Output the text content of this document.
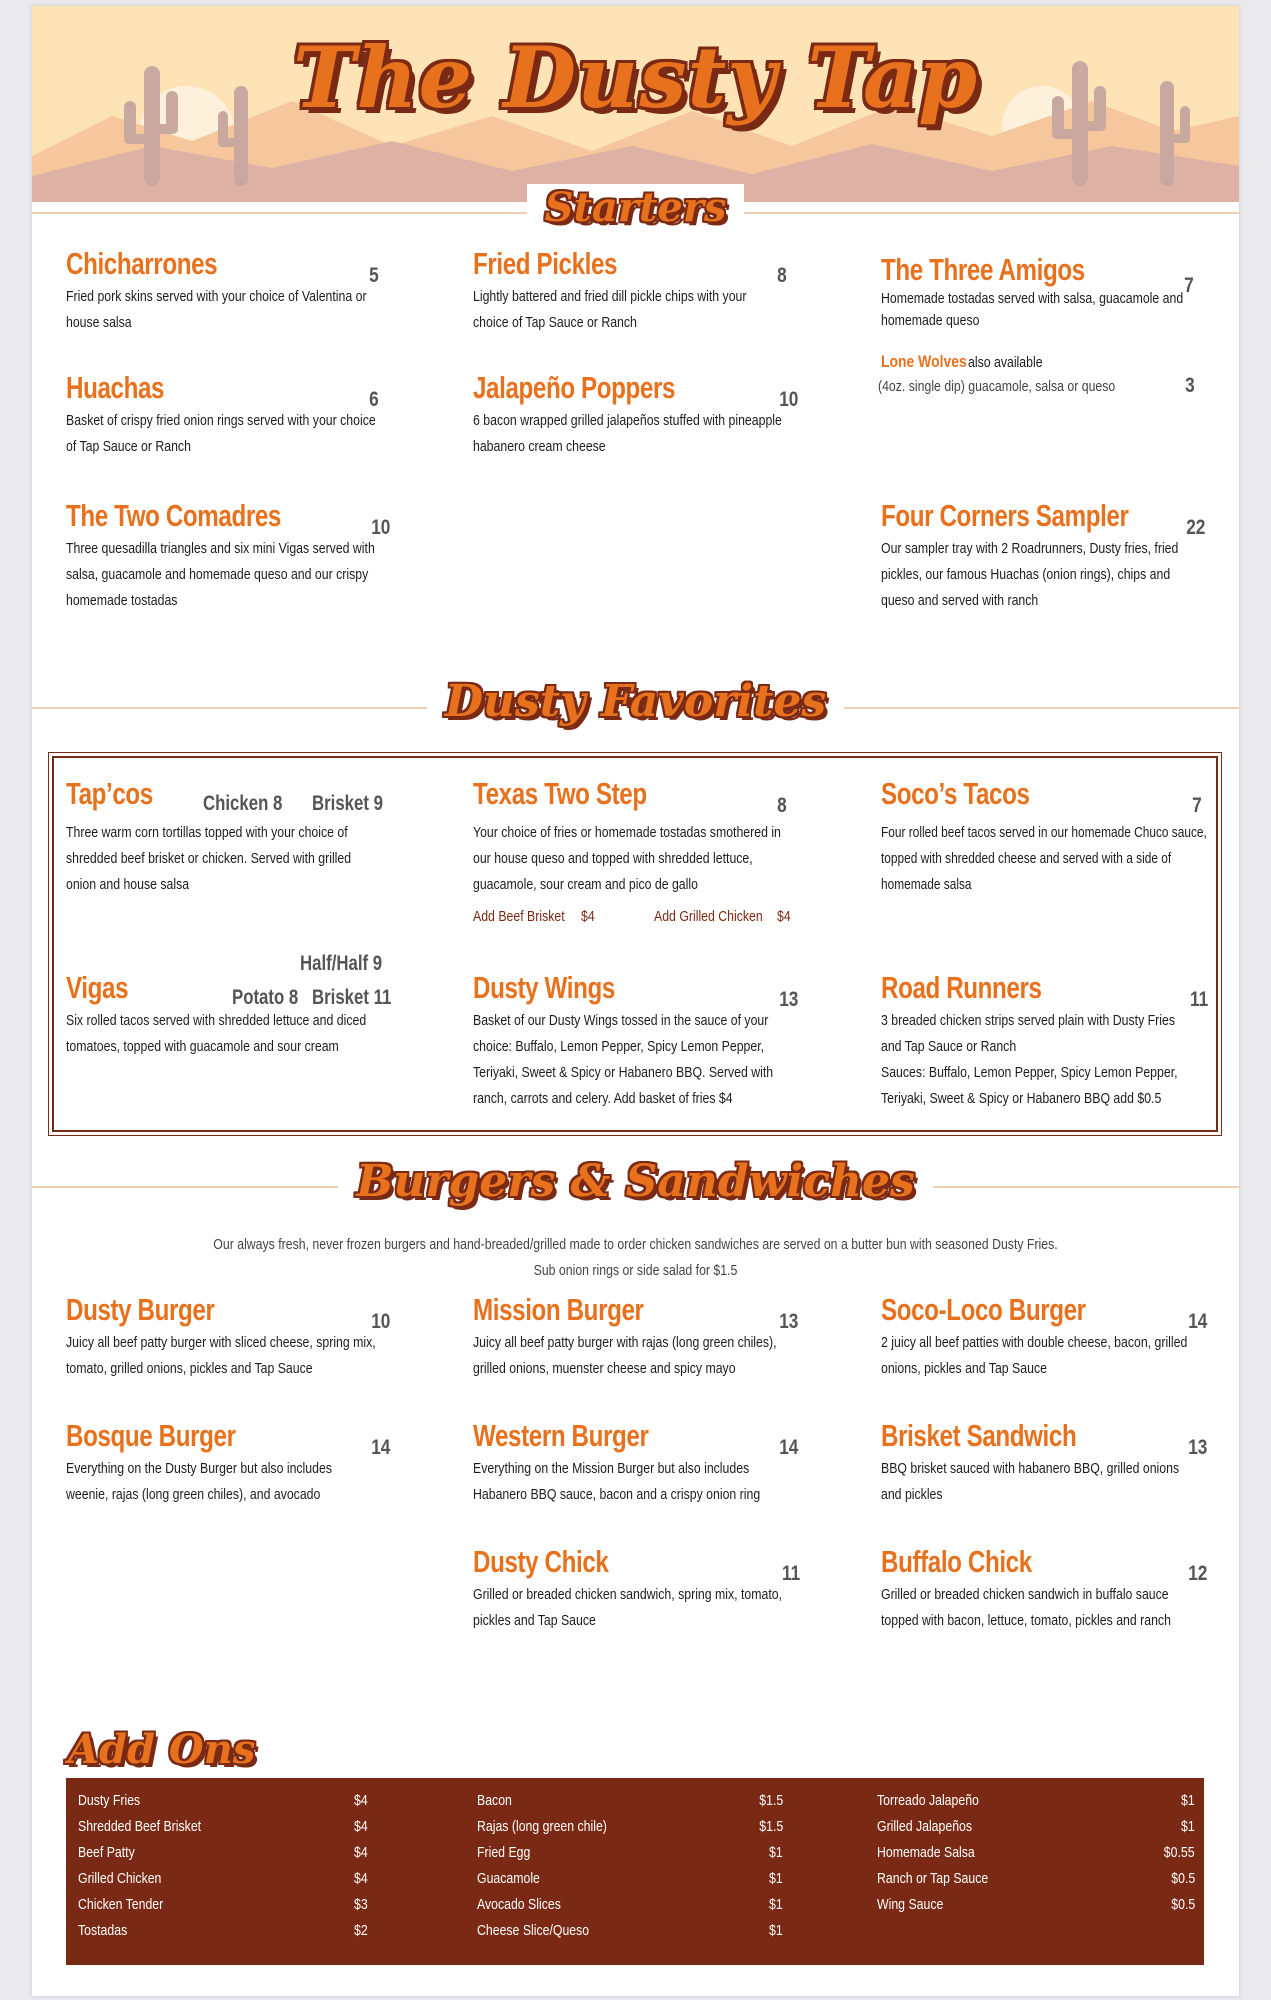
The Dusty Tap
Starters
Chicharrones
Fried pork skins served with your choice of Valentina or house salsa
5	Fried Pickles
Lightly battered and fried dill pickle chips with your choice of Tap Sauce or Ranch
8	The Three Amigos
Homemade tostadas served with salsa, guacamole and homemade queso
7
Lone Wolves also available
(4oz. single dip) guacamole, salsa or queso	3
Huachas
Basket of crispy fried onion rings served with your choice of Tap Sauce or Ranch
6	Jalapeño Poppers
6 bacon wrapped grilled jalapeños stuffed with pineapple habanero cream cheese
10
The Two Comadres
Three quesadilla triangles and six mini Vigas served with salsa, guacamole and homemade queso and our crispy homemade tostadas
10	Four Corners Sampler
Our sampler tray with 2 Roadrunners, Dusty fries, fried pickles, our famous Huachas (onion rings), chips and queso and served with ranch
22
Dusty Favorites
Tap’cos
Three warm corn tortillas topped with your choice of shredded beef brisket or chicken. Served with grilled onion and house salsa
Chicken 8 Brisket 9	Texas Two Step
Your choice of fries or homemade tostadas smothered in our house queso and topped with shredded lettuce, guacamole, sour cream and pico de gallo
8
Add Beef Brisket $4	Add Grilled Chicken $4
Soco’s Tacos
Four rolled beef tacos served in our homemade Chuco sauce, topped with shredded cheese and served with a side of homemade salsa
7
Half/Half 9
Vigas
Six rolled tacos served with shredded lettuce and diced tomatoes, topped with guacamole and sour cream
Potato 8 Brisket 11	Dusty Wings
Basket of our Dusty Wings tossed in the sauce of your choice: Buffalo, Lemon Pepper, Spicy Lemon Pepper, Teriyaki, Sweet & Spicy or Habanero BBQ. Served with ranch, carrots and celery. Add basket of fries $4
13	Road Runners
3 breaded chicken strips served plain with Dusty Fries and Tap Sauce or Ranch
Sauces: Buffalo, Lemon Pepper, Spicy Lemon Pepper, Teriyaki, Sweet & Spicy or Habanero BBQ add $0.5
11
Burgers & Sandwiches
Our always fresh, never frozen burgers and hand-breaded/grilled made to order chicken sandwiches are served on a butter bun with seasoned Dusty Fries.
Sub onion rings or side salad for $1.5
Dusty Burger
Juicy all beef patty burger with sliced cheese, spring mix, tomato, grilled onions, pickles and Tap Sauce
10	Mission Burger
Juicy all beef patty burger with rajas (long green chiles), grilled onions, muenster cheese and spicy mayo
13	Soco-Loco Burger
2 juicy all beef patties with double cheese, bacon, grilled onions, pickles and Tap Sauce
14
Bosque Burger
Everything on the Dusty Burger but also includes weenie, rajas (long green chiles), and avocado
14	Western Burger
Everything on the Mission Burger but also includes Habanero BBQ sauce, bacon and a crispy onion ring
14	Brisket Sandwich
BBQ brisket sauced with habanero BBQ, grilled onions and pickles
13
Dusty Chick
Grilled or breaded chicken sandwich, spring mix, tomato, pickles and Tap Sauce
11	Buffalo Chick
Grilled or breaded chicken sandwich in buffalo sauce topped with bacon, lettuce, tomato, pickles and ranch
12
Add Ons
Dusty Fries	$4
Shredded Beef Brisket	$4
Beef Patty	$4
Grilled Chicken	$4
Chicken Tender	$3
Tostadas	$2
Bacon	$1.5
Rajas (long green chile)	$1.5
Fried Egg	$1
Guacamole	$1
Avocado Slices	$1
Cheese Slice/Queso	$1
Torreado Jalapeño	$1
Grilled Jalapeños	$1
Homemade Salsa	$0.55
Ranch or Tap Sauce	$0.5
Wing Sauce	$0.5
